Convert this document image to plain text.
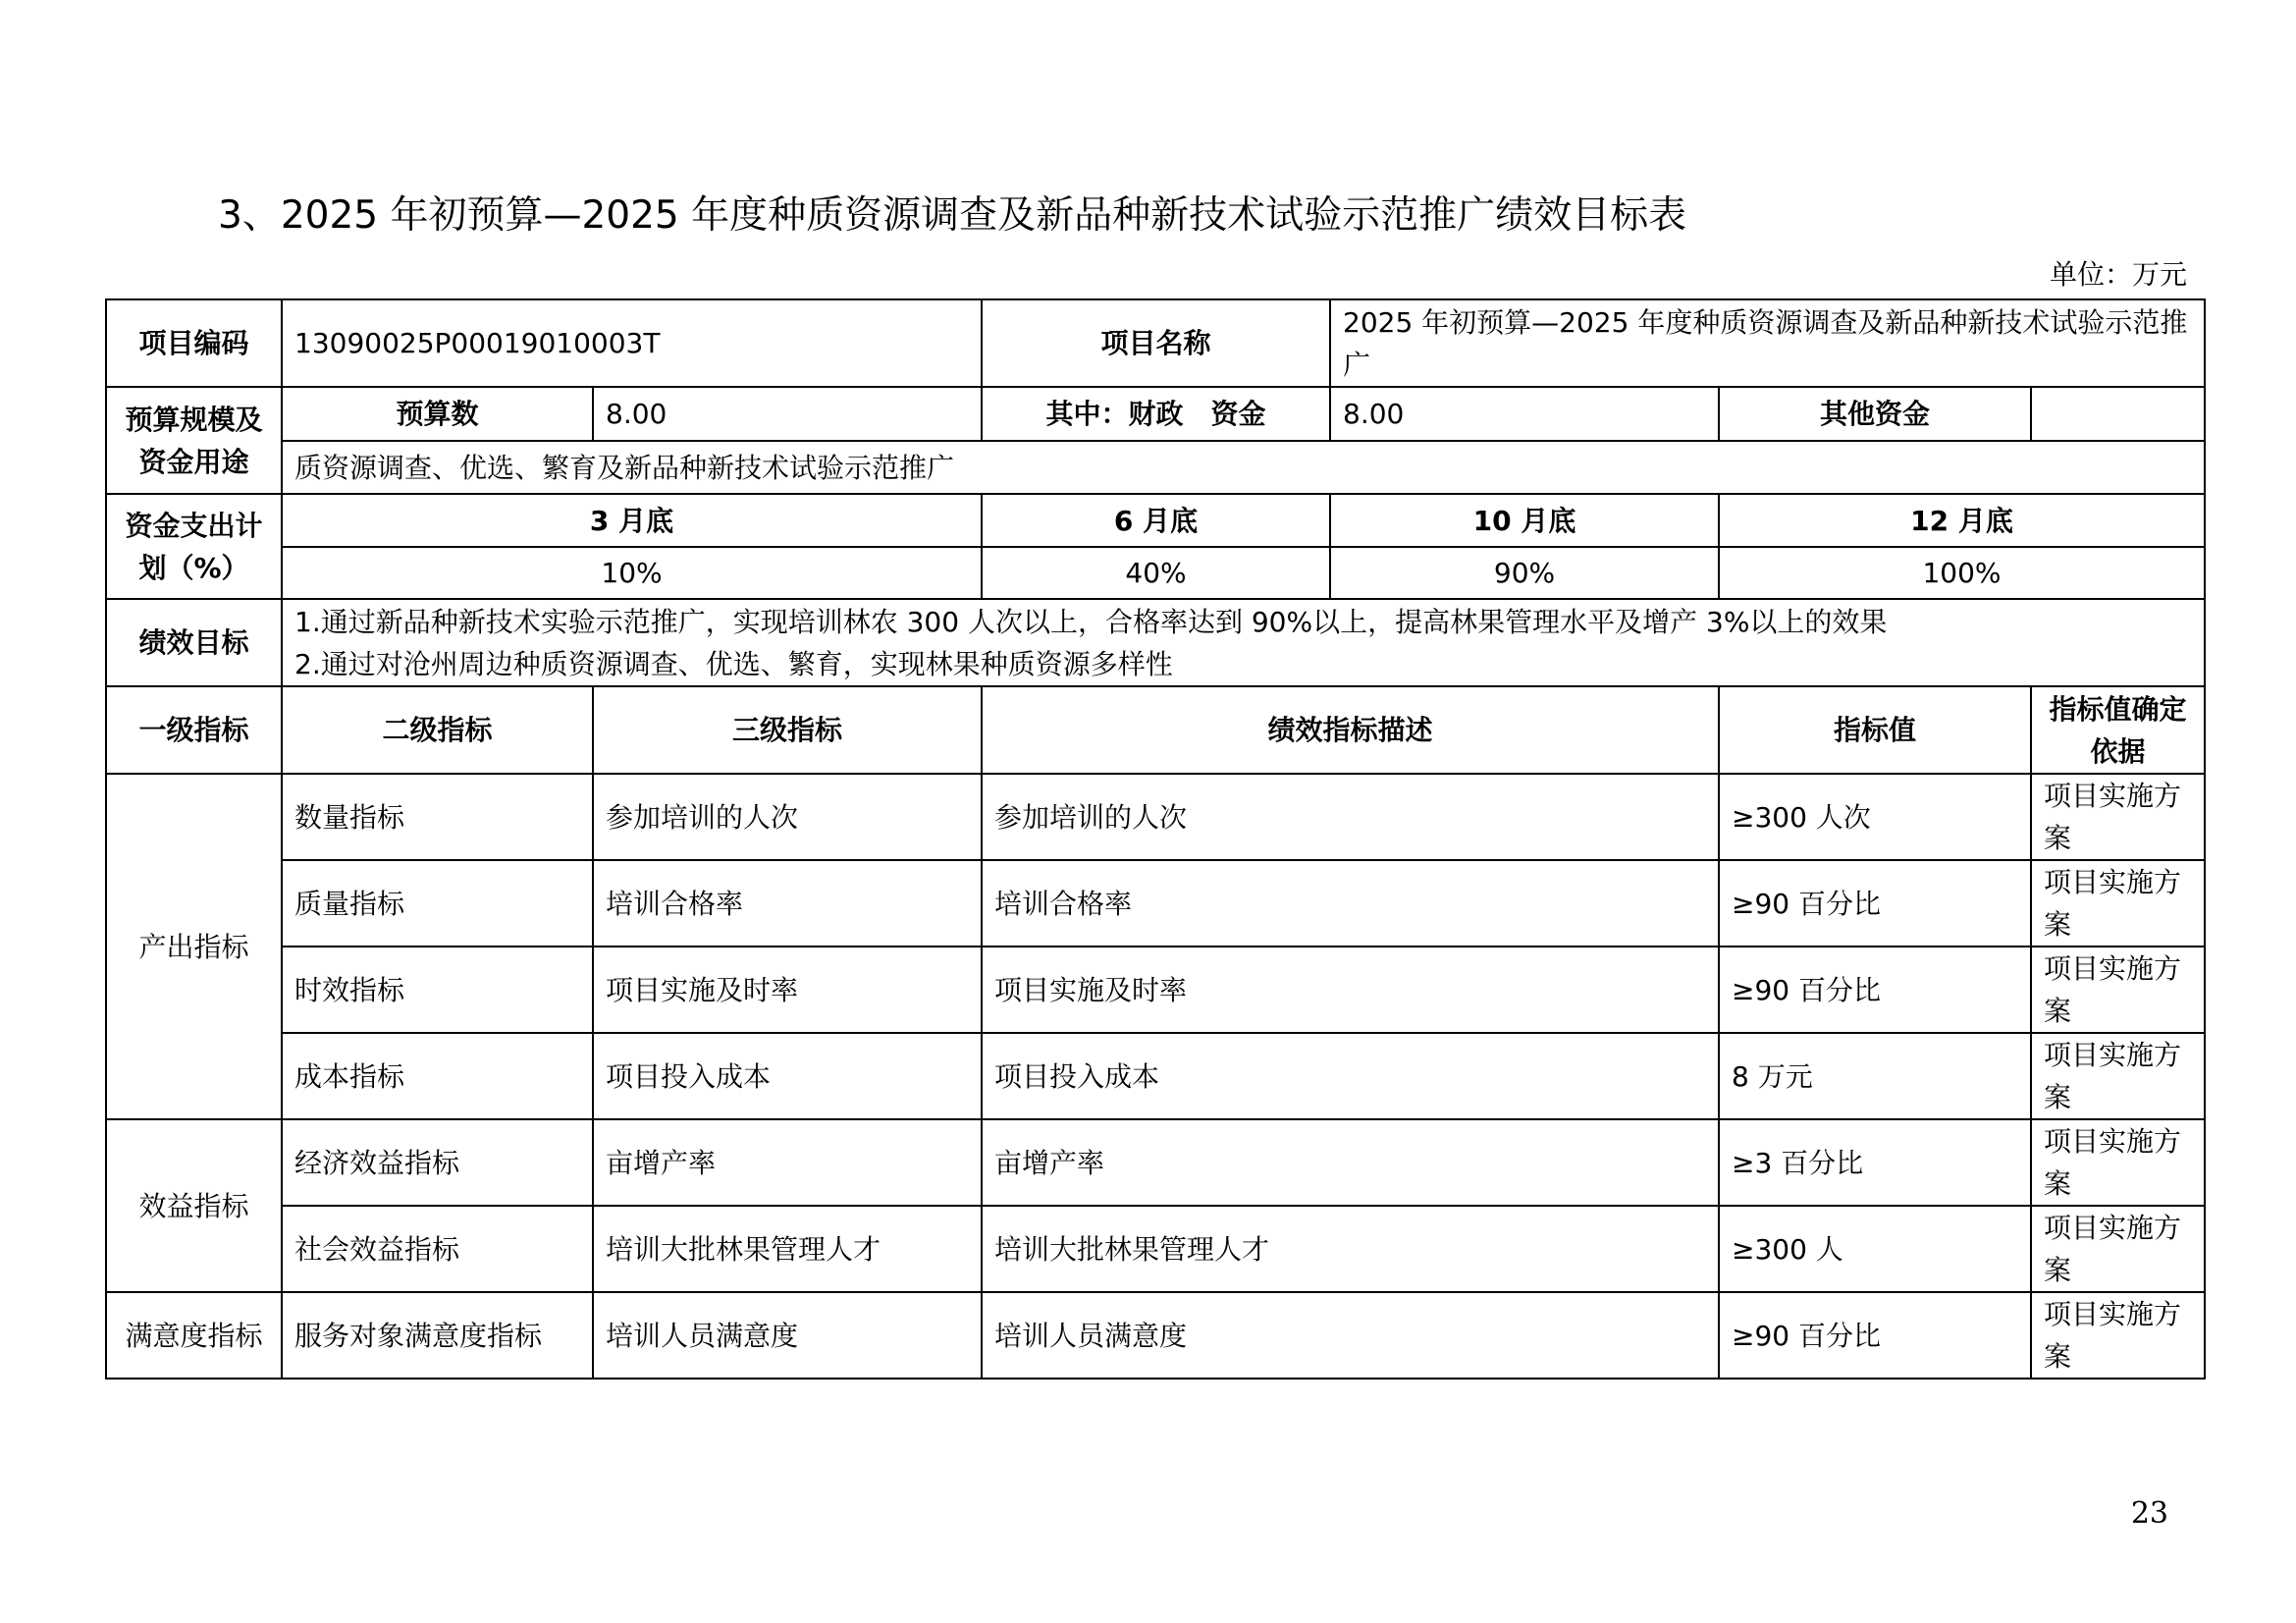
3、2025 年初预算—2025 年度种质资源调查及新品种新技术试验示范推广绩效目标表
单位：万元
项目编码	13090025P00019010003T		项目名称	2025 年初预算—2025 年度种质资源调查及新品种新技术试验示范推广		
预算规模及资金用途	预算数	8.00	其中：财政　资金	8.00	其他资金	
	质资源调查、优选、繁育及新品种新技术试验示范推广					
资金支出计划（%）	3 月底		6 月底	10 月底	12 月底	
	10%		40%	90%	100%	
绩效目标	1.通过新品种新技术实验示范推广，实现培训林农 300 人次以上，合格率达到 90%以上，提高林果管理水平及增产 3%以上的效果
2.通过对沧州周边种质资源调查、优选、繁育，实现林果种质资源多样性					

一级指标	二级指标	三级指标	绩效指标描述		指标值	指标值确定依据
产出指标	数量指标	参加培训的人次	参加培训的人次		≥300 人次	项目实施方案
	质量指标	培训合格率	培训合格率		≥90 百分比	项目实施方案
	时效指标	项目实施及时率	项目实施及时率		≥90 百分比	项目实施方案
	成本指标	项目投入成本	项目投入成本		8 万元	项目实施方案
效益指标	经济效益指标	亩增产率	亩增产率		≥3 百分比	项目实施方案
	社会效益指标	培训大批林果管理人才	培训大批林果管理人才		≥300 人	项目实施方案
满意度指标	服务对象满意度指标	培训人员满意度	培训人员满意度		≥90 百分比	项目实施方案
23
